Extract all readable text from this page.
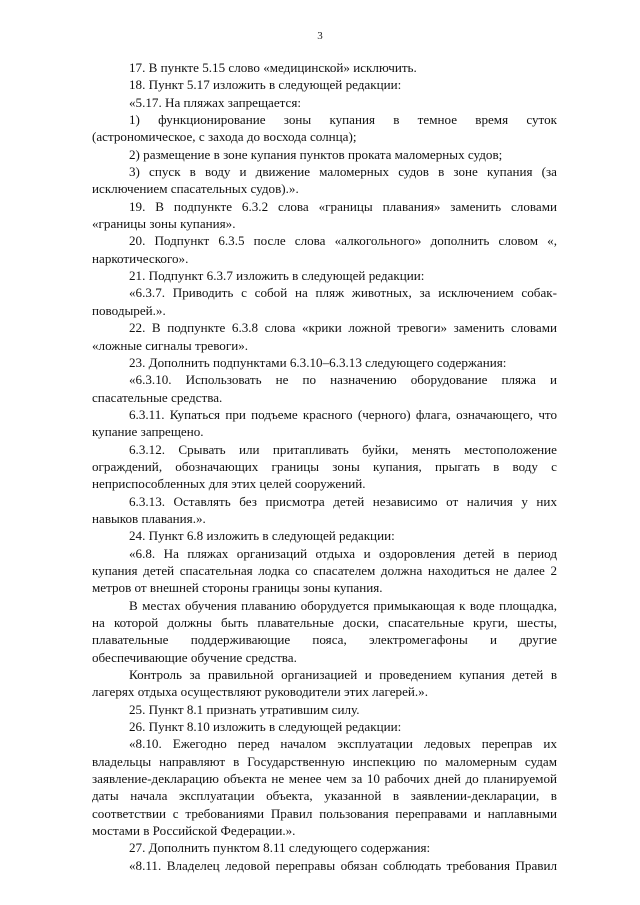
3

17. В пункте 5.15 слово «медицинской» исключить.

18. Пункт 5.17 изложить в следующей редакции:

«5.17. На пляжах запрещается:

1) функционирование зоны купания в темное время суток (астрономическое, с захода до восхода солнца);

2) размещение в зоне купания пунктов проката маломерных судов;

3) спуск в воду и движение маломерных судов в зоне купания (за исключением спасательных судов).».

19. В подпункте 6.3.2 слова «границы плавания» заменить словами «границы зоны купания».

20. Подпункт 6.3.5 после слова «алкогольного» дополнить словом «, наркотического».

21. Подпункт 6.3.7 изложить в следующей редакции:

«6.3.7. Приводить с собой на пляж животных, за исключением собак-поводырей.».

22. В подпункте 6.3.8 слова «крики ложной тревоги» заменить словами «ложные сигналы тревоги».

23. Дополнить подпунктами 6.3.10–6.3.13 следующего содержания:

«6.3.10. Использовать не по назначению оборудование пляжа и спасательные средства.

6.3.11. Купаться при подъеме красного (черного) флага, означающего, что купание запрещено.

6.3.12. Срывать или притапливать буйки, менять местоположение ограждений, обозначающих границы зоны купания, прыгать в воду с неприспособленных для этих целей сооружений.

6.3.13. Оставлять без присмотра детей независимо от наличия у них навыков плавания.».

24. Пункт 6.8 изложить в следующей редакции:

«6.8. На пляжах организаций отдыха и оздоровления детей в период купания детей спасательная лодка со спасателем должна находиться не далее 2 метров от внешней стороны границы зоны купания.

В местах обучения плаванию оборудуется примыкающая к воде площадка, на которой должны быть плавательные доски, спасательные круги, шесты, плавательные поддерживающие пояса, электромегафоны и другие обеспечивающие обучение средства.

Контроль за правильной организацией и проведением купания детей в лагерях отдыха осуществляют руководители этих лагерей.».

25. Пункт 8.1 признать утратившим силу.

26. Пункт 8.10 изложить в следующей редакции:

«8.10. Ежегодно перед началом эксплуатации ледовых переправ их владельцы направляют в Государственную инспекцию по маломерным судам заявление-декларацию объекта не менее чем за 10 рабочих дней до планируемой даты начала эксплуатации объекта, указанной в заявлении-декларации, в соответствии с требованиями Правил пользования переправами и наплавными мостами в Российской Федерации.».

27. Дополнить пунктом 8.11 следующего содержания:

«8.11. Владелец ледовой переправы обязан соблюдать требования Правил
